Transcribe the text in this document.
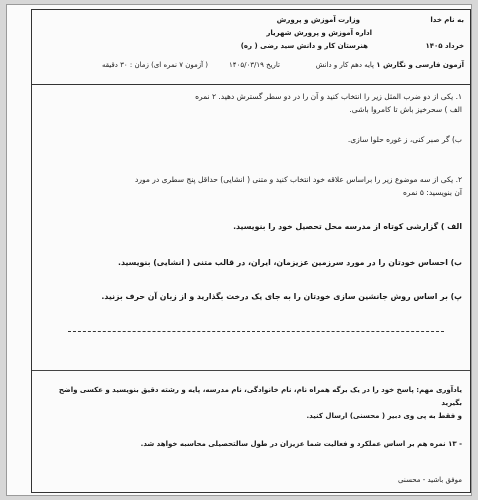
به نام خدا
وزارت آموزش و پرورش
اداره آموزش و پرورش شهریار
هنرستان کار و دانش سید رضی ( ره)	خرداد ۱۴۰۵
آزمون فارسی و نگارش ۱
پایه دهم کار و دانش
تاریخ ۱۴۰۵/۰۳/۱۹
( آزمون ۷ نمره ای) زمان : ۳۰ دقیقه
۱. یکی از دو ضرب المثل زیر را انتخاب کنید و آن را در دو سطر گسترش دهید. ۲ نمره
الف ) سحرخیز باش تا کامروا باشی.
ب) گر صبر کنی، ز غوره حلوا سازی.
۲. یکی از سه موضوع زیر را براساس علاقه خود انتخاب کنید و متنی ( انشایی) حداقل پنج سطری در مورد
آن بنویسید: ۵ نمره
الف ) گزارشی کوتاه از مدرسه محل تحصیل خود را بنویسید.
ب) احساس خودتان را در مورد سرزمین عزیزمان، ایران، در قالب متنی ( انشایی) بنویسید.
پ) بر اساس روش جانشین سازی خودتان را به جای یک درخت بگذارید و از زبان آن حرف بزنید.
یادآوری مهم: پاسخ خود را در یک برگه همراه نام، نام خانوادگی، نام مدرسه، پایه و رشته دقیق بنویسید و عکسی واضح بگیرید
و فقط به پی وی دبیر ( محسنی) ارسال کنید.
- ۱۳ نمره هم بر اساس عملکرد و فعالیت شما عزیزان در طول سالتحصیلی محاسبه خواهد شد.
موفق باشید - محسنی
